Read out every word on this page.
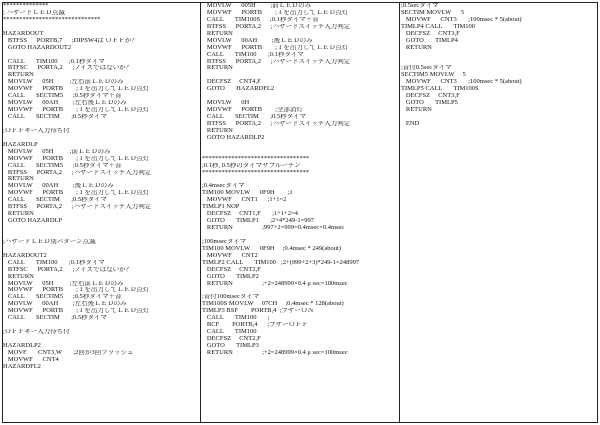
**************
; ハザードＬＥＤ点滅
******************************

HAZARDOUT
BTFSS      PORTB,7      ;DIPSW4は ＯＦＦか？
GOTO HAZARDOUT2

CALL       TIM100       ;0.1秒タイマ
BTFSC      PORTA,2      ;ノイズではないか？
RETURN
MOVLW      05H          ;左右前ＬＥＤのみ
MOVWF      PORTB        ;１を出力してＬＥＤ点灯
CALL       SECTIM5      ;0.5秒タイマ＋音
MOVLW      00AH         ;左右後ＬＥＤのみ
MOVWF      PORTB        ;１を出力してＬＥＤ点灯
CALL       SECTIM       ;0.5秒タイマ

;ＯＦＦキー入力待ち付

HAZARDLP
MOVLW      05H          ;前ＬＥＤのみ
MOVWF      PORTB        ;１を出力してＬＥＤ点灯
CALL       SECTIM5      ;0.5秒タイマ＋音
BTFSS      PORTA,2      ;ハザードスイッチ入力判定
RETURN
MOVLW      00AH         ;後ＬＥＤのみ
MOVWF      PORTB        ;１を出力してＬＥＤ点灯
CALL       SECTIM       ;0.5秒タイマ
BTFSS      PORTA,2      ;ハザードスイッチ入力判定
RETURN
GOTO HAZARDLP

;ハザードＬＥＤ別パターン点滅

HAZARDOUT2
CALL       TIM100       ;0.1秒タイマ
BTFSC      PORTA,2      ;ノイズではないか？
RETURN
MOVLW      05H          ;左右前ＬＥＤのみ
MOVWF      PORTB        ;１を出力してＬＥＤ点灯
CALL       SECTIM5      ;0.5秒タイマ＋音
MOVLW      00AH         ;左右後ＬＥＤのみ
MOVWF      PORTB        ;１を出力してＬＥＤ点灯
CALL       SECTIM       ;0.5秒タイマ

;ＯＦＦキー入力待ち付

HAZARDLP2
MOVF       CNT3,W       ;2回か3回フラッシュ
MOVWF      CNT4
HAZARDFL2
MOVLW      005H         ;前ＬＥＤのみ
MOVWF      PORTB        ;１を出力してＬＥＤ点灯
CALL       TIM100S      ;0.1秒タイマ＋音
BTFSS      PORTA,2      ;ハザードスイッチ入力判定
RETURN
MOVLW      00AH         ;後ＬＥＤのみ
MOVWF      PORTB        ;１を出力してＬＥＤ点灯
CALL       TIM100       ;0.1秒タイマ
BTFSS      PORTA,2      ;ハザードスイッチ入力判定
RETURN

DECFSZ     CNT4,F
GOTO       HAZARDFL2

MOVLW      0H
MOVWF      PORTB        ;全部消灯
CALL       SECTIM       ;0.5秒タイマ
BTFSS      PORTA,2      ;ハザードスイッチ入力判定
RETURN
GOTO HAZARDLP2

*********************************
;0.1秒, 0.5秒のタイマサブルーチン
*********************************

;0.4msecタイマ
TIM100 MOVLW      0F9H        ;1
MOVWF      CNT1      ;1+1=2
TIMLP1 NOP
DECFSZ     CNT1,F       ;1+1+2=4
GOTO       TIMLP1       ;2+4*249-1=997
RETURN                  ;997+2=999=0.4msec=0.4msec

;100msecタイマ
TIM100 MOVLW      0F9H     ;0.4msec * 249(about)
MOVWF      CNT2
TIMLP2 CALL       TIM100   ;2+(999+2+3)*249-1=248997
DECFSZ     CNT2,F
GOTO       TIMLP2
RETURN                  ;+2=248999×0.4 μ sec=100msec

;音付100msecタイマ
TIM100S MOVLW     07CH     ;0.4msec * 128(about)
TIMLP3 BSF        PORTB,4  ;ブザーＯＮ
CALL       TIM100       ;
BCF        PORTB,4      ;ブザーＯＦＦ
CALL       TIM100
DECFSZ     CNT2,F
GOTO       TIMLP3
RETURN                  ;+2=248999×0.4 μ sec=100msec
;0.5secタイマ
SECTIM MOVLW      5
MOVWF      CNT3       ;100msec * 5(about)
TIMLP4 CALL       TIM100
DECFSZ     CNT3,F
GOTO       TIMLP4
RETURN

;音付0.5secタイマ
SECTIM5 MOVLW     5
MOVWF      CNT3       ;100msec * 5(about)
TIMLP5 CALL       TIM100S
DECFSZ     CNT3,F
GOTO       TIMLP5
RETURN

END
